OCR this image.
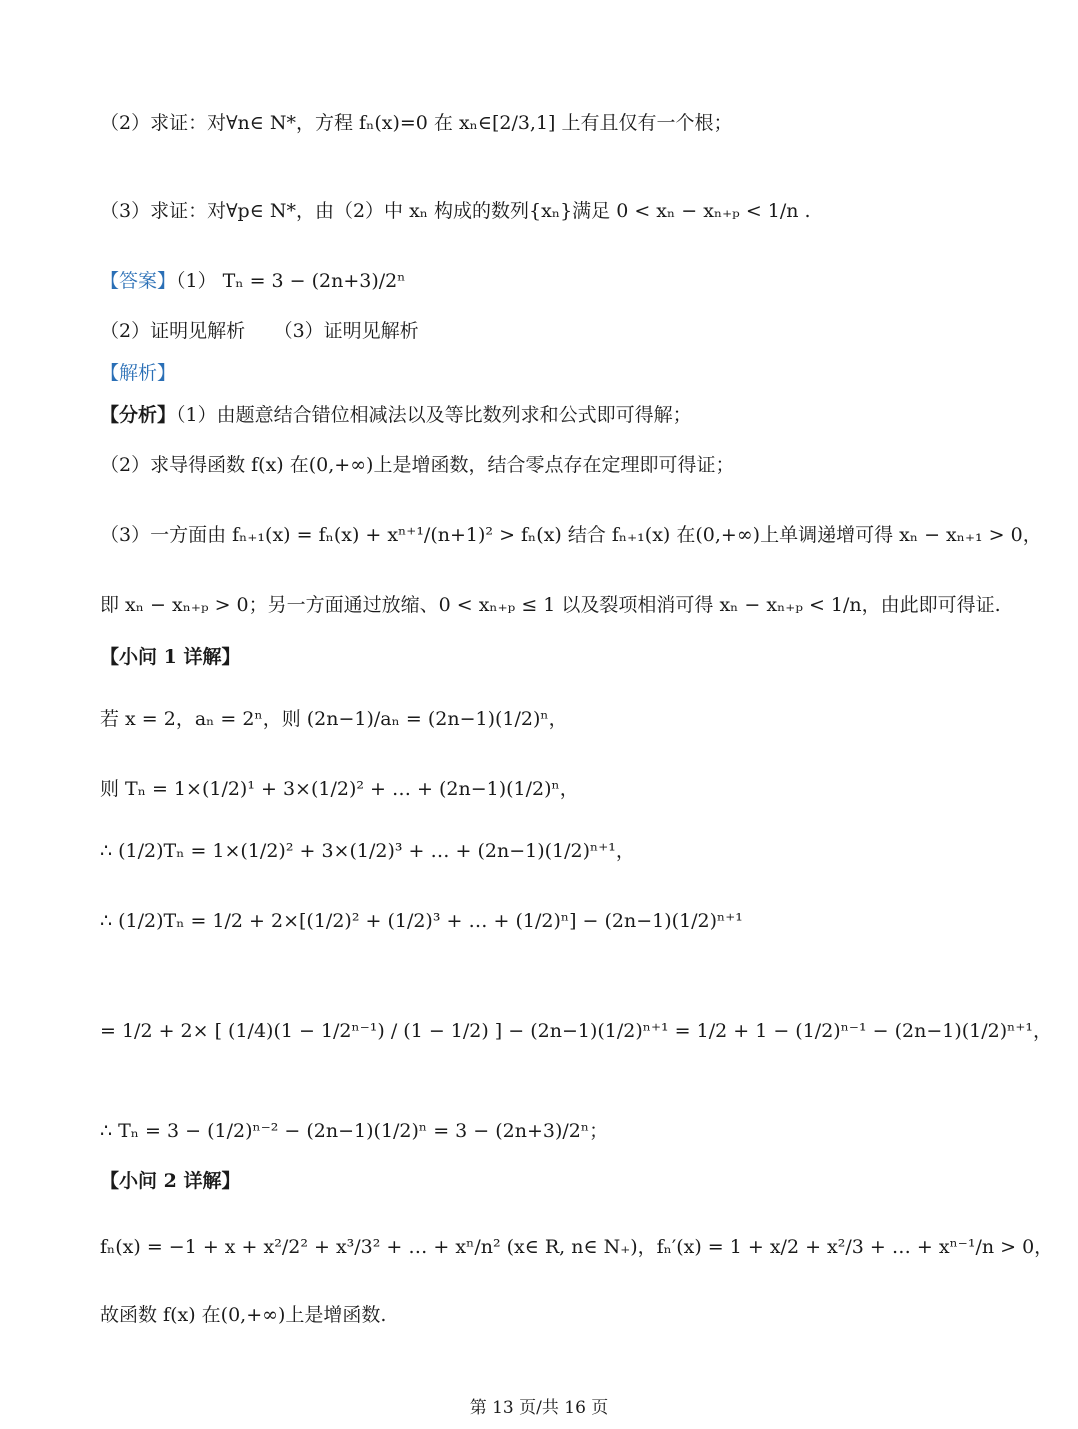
（2）求证：对∀n∈ N*，方程 fₙ(x)=0 在 xₙ∈[2/3,1] 上有且仅有一个根；
（3）求证：对∀p∈ N*，由（2）中 xₙ 构成的数列{xₙ}满足 0 < xₙ − xₙ₊ₚ < 1/n .
【答案】（1） Tₙ = 3 − (2n+3)/2ⁿ
（2）证明见解析　　（3）证明见解析
【解析】
【分析】（1）由题意结合错位相减法以及等比数列求和公式即可得解；
（2）求导得函数 f(x) 在(0,+∞)上是增函数，结合零点存在定理即可得证；
（3）一方面由 fₙ₊₁(x) = fₙ(x) + xⁿ⁺¹/(n+1)² > fₙ(x) 结合 fₙ₊₁(x) 在(0,+∞)上单调递增可得 xₙ − xₙ₊₁ > 0，
即 xₙ − xₙ₊ₚ > 0；另一方面通过放缩、0 < xₙ₊ₚ ≤ 1 以及裂项相消可得 xₙ − xₙ₊ₚ < 1/n，由此即可得证.
【小问 1 详解】
若 x = 2，aₙ = 2ⁿ，则 (2n−1)/aₙ = (2n−1)(1/2)ⁿ，
则 Tₙ = 1×(1/2)¹ + 3×(1/2)² + … + (2n−1)(1/2)ⁿ，
∴ (1/2)Tₙ = 1×(1/2)² + 3×(1/2)³ + … + (2n−1)(1/2)ⁿ⁺¹，
∴ (1/2)Tₙ = 1/2 + 2×[(1/2)² + (1/2)³ + … + (1/2)ⁿ] − (2n−1)(1/2)ⁿ⁺¹
= 1/2 + 2× [ (1/4)(1 − 1/2ⁿ⁻¹) / (1 − 1/2) ] − (2n−1)(1/2)ⁿ⁺¹ = 1/2 + 1 − (1/2)ⁿ⁻¹ − (2n−1)(1/2)ⁿ⁺¹，
∴ Tₙ = 3 − (1/2)ⁿ⁻² − (2n−1)(1/2)ⁿ = 3 − (2n+3)/2ⁿ；
【小问 2 详解】
fₙ(x) = −1 + x + x²/2² + x³/3² + … + xⁿ/n² (x∈ R, n∈ N₊)，fₙ′(x) = 1 + x/2 + x²/3 + … + xⁿ⁻¹/n > 0，
故函数 f(x) 在(0,+∞)上是增函数.
第 13 页/共 16 页
